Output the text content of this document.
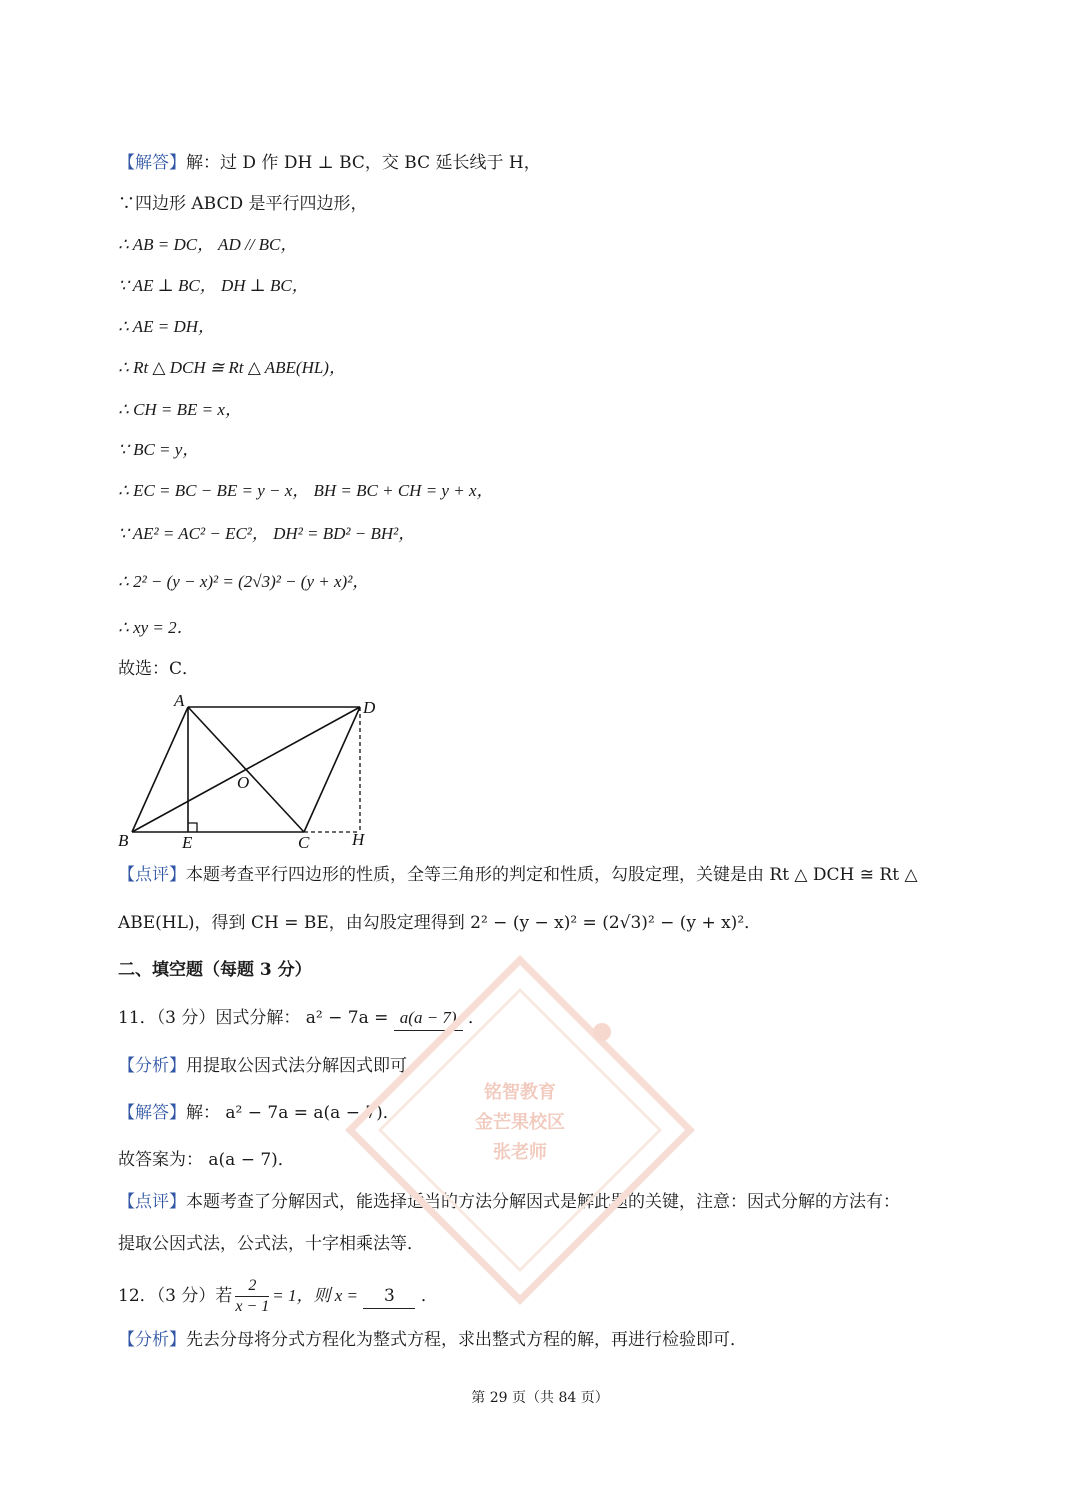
【解答】解：过 D 作 DH ⊥ BC，交 BC 延长线于 H，
∵四边形 ABCD 是平行四边形，
∴ AB = DC， AD // BC，
∵ AE ⊥ BC， DH ⊥ BC，
∴ AE = DH，
∴ Rt △ DCH ≅ Rt △ ABE(HL)，
∴ CH = BE = x，
∵ BC = y，
∴ EC = BC − BE = y − x， BH = BC + CH = y + x，
∵ AE² = AC² − EC²， DH² = BD² − BH²，
∴ 2² − (y − x)² = (2√3)² − (y + x)²，
∴ xy = 2．
故选：C．
A	D
B	E	C	H
O
【点评】本题考查平行四边形的性质，全等三角形的判定和性质，勾股定理，关键是由 Rt △ DCH ≅ Rt △
ABE(HL)，得到 CH = BE，由勾股定理得到 2² − (y − x)² = (2√3)² − (y + x)²．
二、填空题（每题 3 分）
11．（3 分）因式分解： a² − 7a = a(a − 7) ．
【分析】用提取公因式法分解因式即可．
【解答】解： a² − 7a = a(a − 7)．
故答案为： a(a − 7)．
【点评】本题考查了分解因式，能选择适当的方法分解因式是解此题的关键，注意：因式分解的方法有：
提取公因式法，公式法，十字相乘法等．
12．（3 分）若 $\frac{2}{x - 1} = 1$，则 x = 3 ．
【分析】先去分母将分式方程化为整式方程，求出整式方程的解，再进行检验即可．
铭智教育
金芒果校区
张老师
第 29 页（共 84 页）
